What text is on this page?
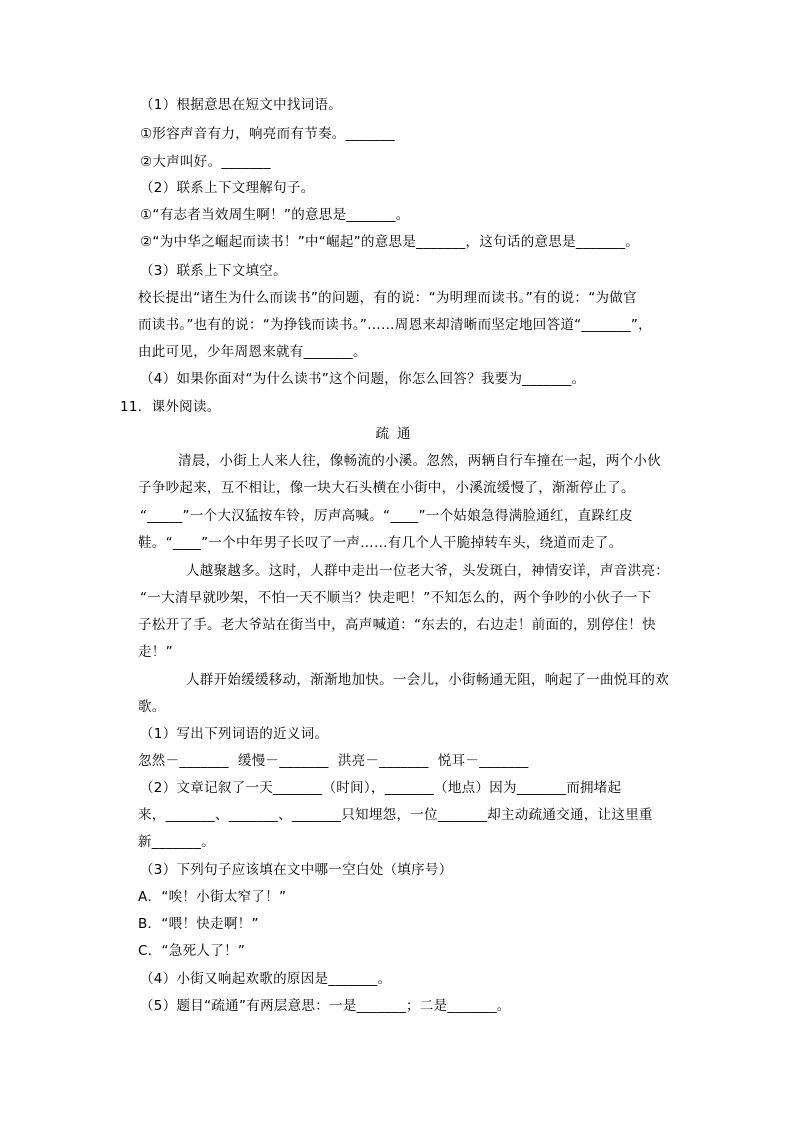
（1）根据意思在短文中找词语。
①形容声音有力，响亮而有节奏。_______
②大声叫好。_______
（2）联系上下文理解句子。
①“有志者当效周生啊！”的意思是_______。
②“为中华之崛起而读书！”中“崛起”的意思是_______，这句话的意思是_______。
（3）联系上下文填空。
校长提出“诸生为什么而读书”的问题，有的说：“为明理而读书。”有的说：“为做官
而读书。”也有的说：“为挣钱而读书。”……周恩来却清晰而坚定地回答道“_______”，
由此可见，少年周恩来就有_______。
（4）如果你面对“为什么读书”这个问题，你怎么回答？我要为_______。
11．课外阅读。
疏通
清晨，小街上人来人往，像畅流的小溪。忽然，两辆自行车撞在一起，两个小伙
子争吵起来，互不相让，像一块大石头横在小街中，小溪流缓慢了，渐渐停止了。
“_____”一个大汉猛按车铃，厉声高喊。“____”一个姑娘急得满脸通红，直跺红皮
鞋。“____”一个中年男子长叹了一声……有几个人干脆掉转车头，绕道而走了。
人越聚越多。这时，人群中走出一位老大爷，头发斑白，神情安详，声音洪亮：
“一大清早就吵架，不怕一天不顺当？快走吧！”不知怎么的，两个争吵的小伙子一下
子松开了手。老大爷站在街当中，高声喊道：“东去的，右边走！前面的，别停住！快
走！”
人群开始缓缓移动，渐渐地加快。一会儿，小街畅通无阻，响起了一曲悦耳的欢
歌。
（1）写出下列词语的近义词。
忽然－_______  缓慢－_______  洪亮－_______  悦耳－_______
（2）文章记叙了一天_______（时间），_______（地点）因为_______而拥堵起
来，_______、_______、_______只知埋怨，一位_______却主动疏通交通，让这里重
新_______。
（3）下列句子应该填在文中哪一空白处（填序号）
A．“唉！小街太窄了！”
B．“喂！快走啊！”
C．“急死人了！”
（4）小街又响起欢歌的原因是_______。
（5）题目“疏通”有两层意思：一是_______；二是_______。
